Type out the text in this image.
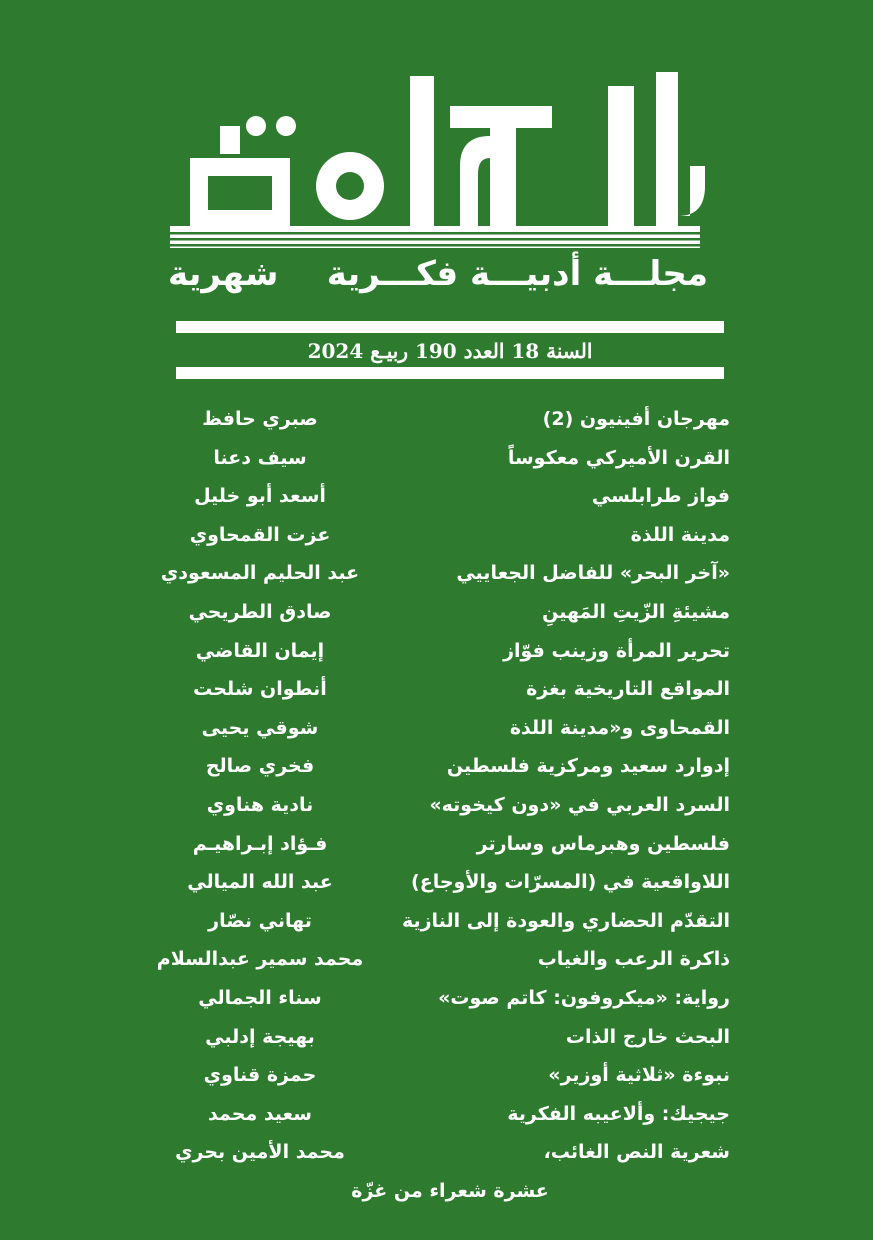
مجلـــة أدبيـــة فكـــرية
شهرية
السنة 18 العدد 190 ربيـع 2024
مهرجان أفينيون (2)
صبري حافظ
القرن الأميركي معكوساً
سيف دعنا
فواز طرابلسي
أسعد أبو خليل
مدينة اللذة
عزت القمحاوي
«آخر البحر» للفاضل الجعاييي
عبد الحليم المسعودي
مشيئةِ الزّيتِ المَهينِ
صادق الطريحي
تحرير المرأة وزينب فوّاز
إيمان القاضي
المواقع التاريخية بغزة
أنطوان شلحت
القمحاوى و«مدينة اللذة
شوقي يحيى
إدوارد سعيد ومركزية فلسطين
فخري صالح
السرد العربي في «دون كيخوته»
نادية هناوي
فلسطين وهبرماس وسارتر
فـؤاد إبـراهيـم
اللاواقعية في (المسرّات والأوجاع)
عبد الله الميالي
التقدّم الحضاري والعودة إلى النازية
تهاني نصّار
ذاكرة الرعب والغياب
محمد سمير عبدالسلام
رواية: «ميكروفون: كاتم صوت»
سناء الجمالي
البحث خارج الذات
بهيجة إدلبي
نبوءة «ثلاثية أوزير»
حمزة قناوي
جيجيك: وألاعيبه الفكرية
سعيد محمد
شعرية النص الغائب،
محمد الأمين بحري
عشرة شعراء من غزّة
